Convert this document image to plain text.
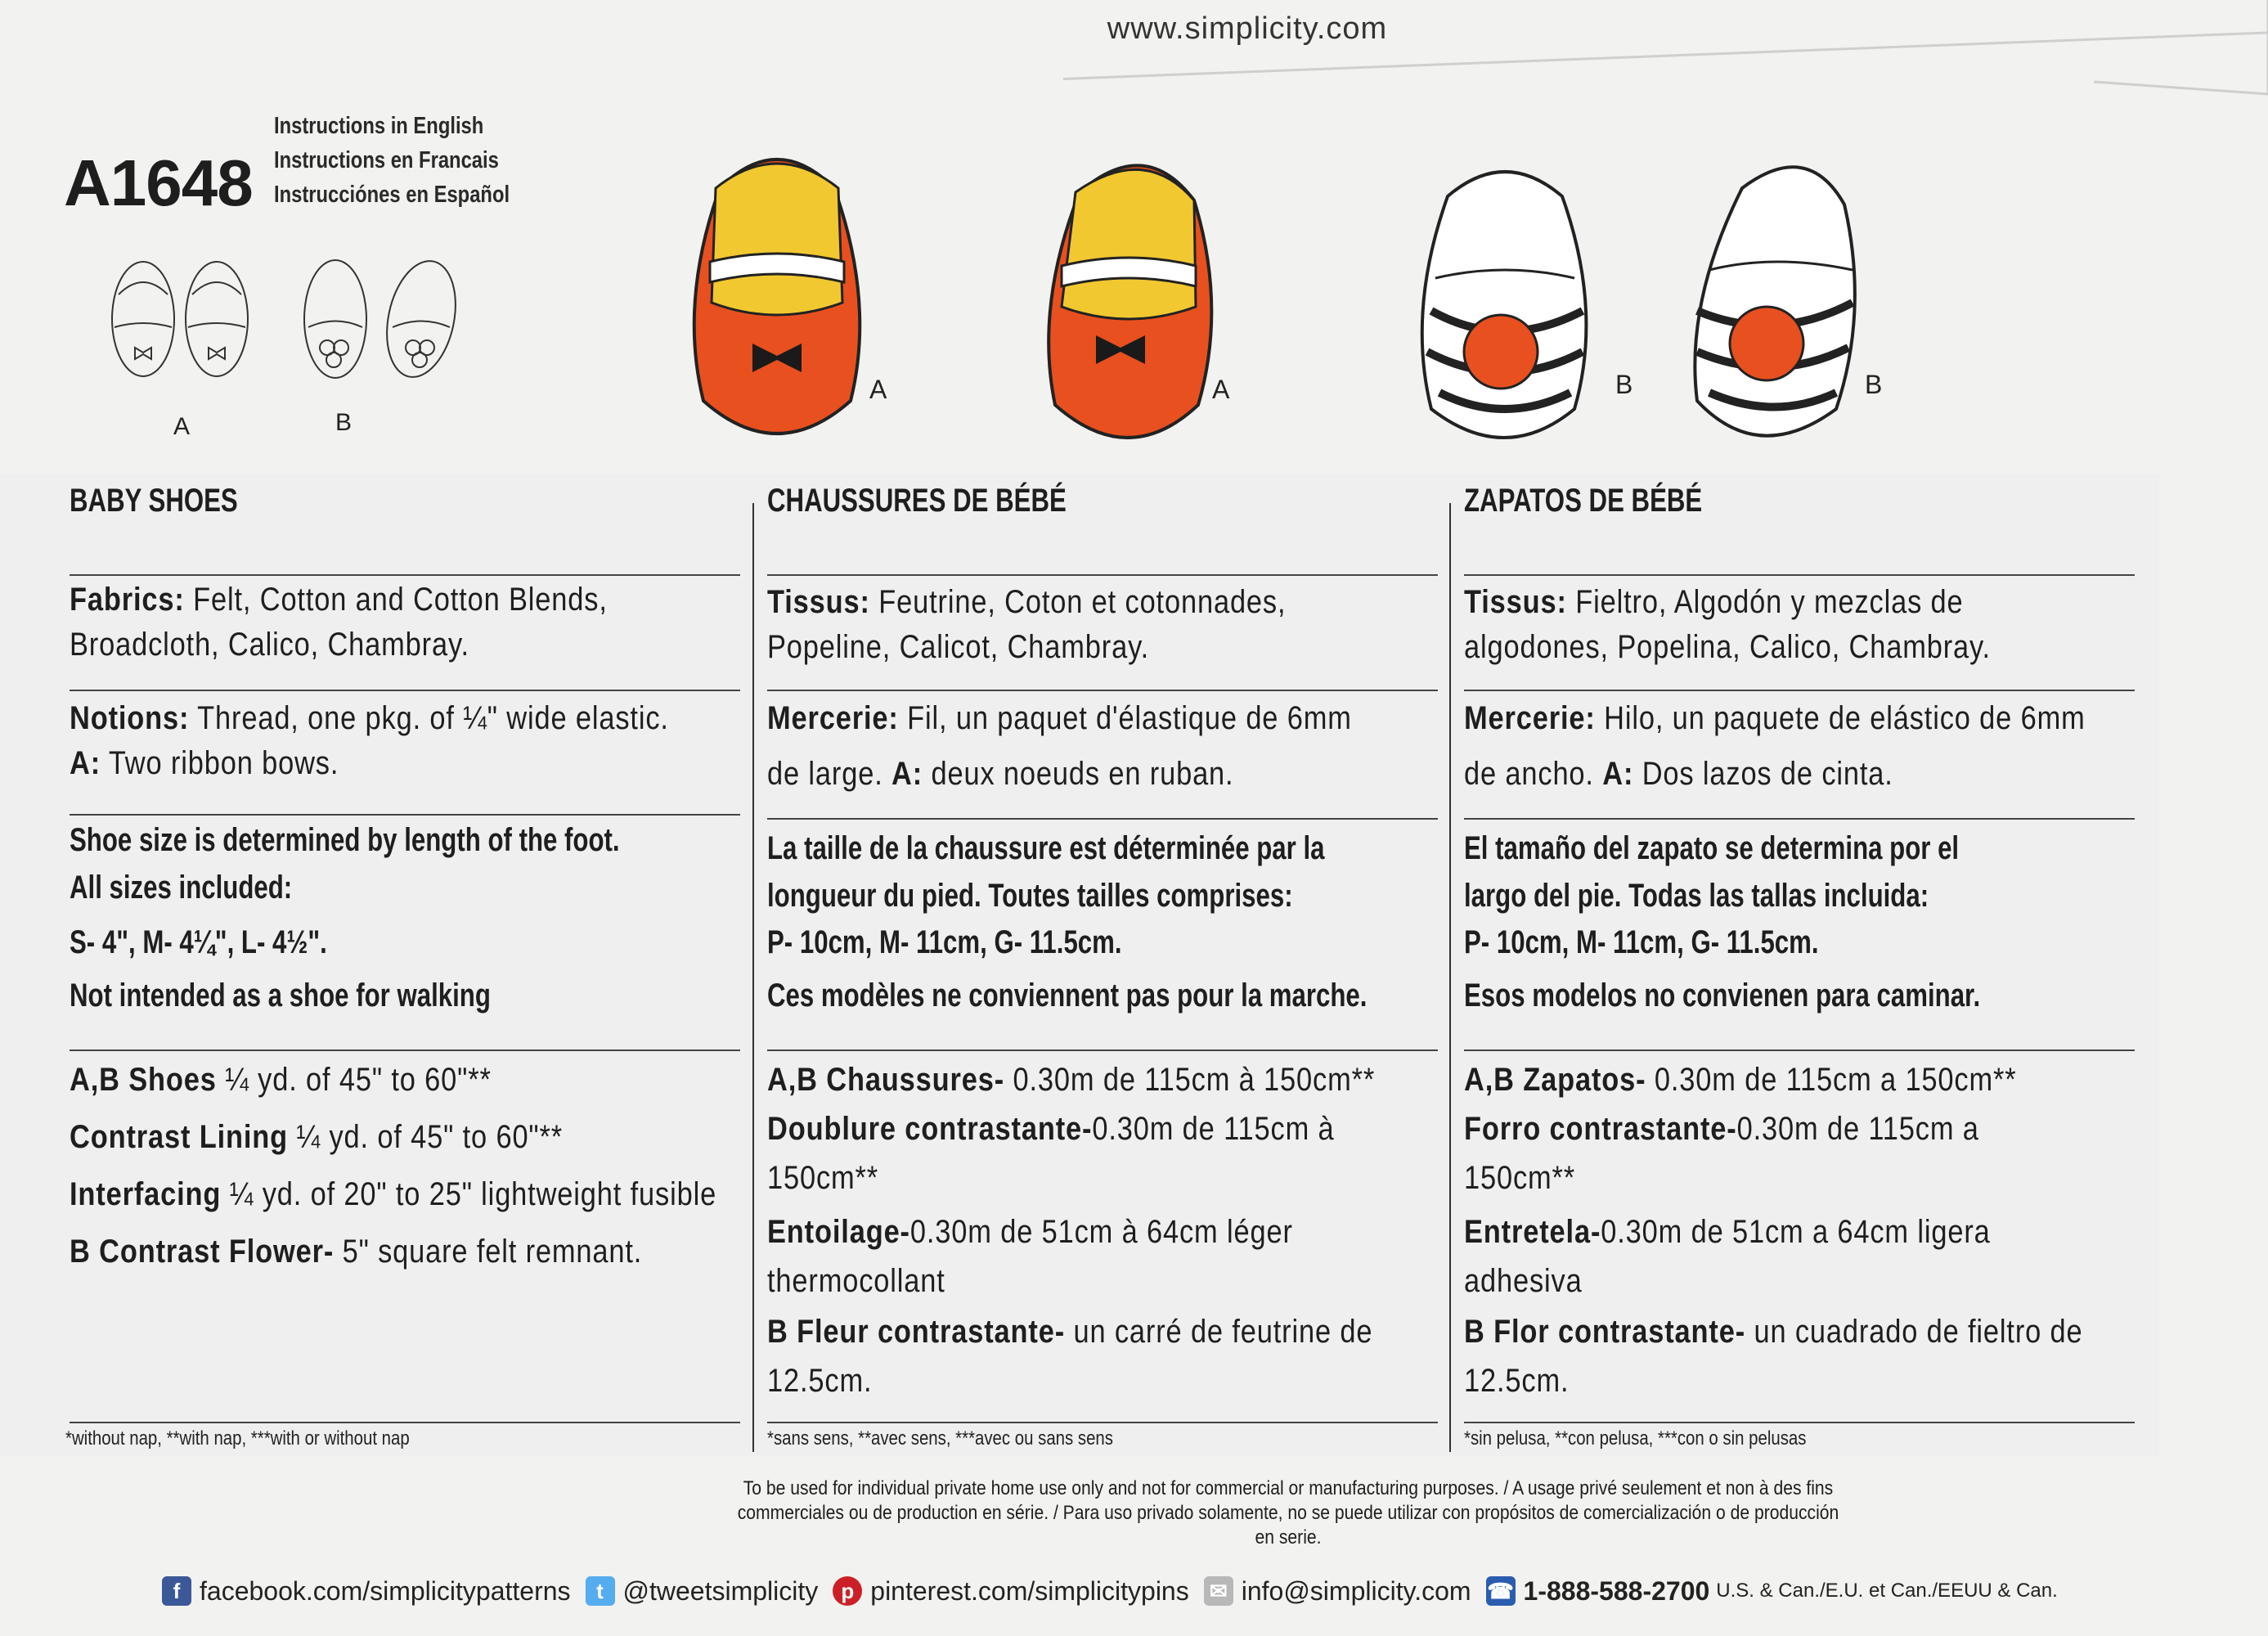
www.simplicity.com
A1648
Instructions in English
Instructions en Francais
Instrucciónes en Español
A	B
A	A	B	B
BABY SHOES
Fabrics: Felt, Cotton and Cotton Blends,
Broadcloth, Calico, Chambray.
Notions: Thread, one pkg. of ¼" wide elastic.
A: Two ribbon bows.
Shoe size is determined by length of the foot.
All sizes included:
S- 4", M- 4¼", L- 4½".
Not intended as a shoe for walking
A,B Shoes ¼ yd. of 45" to 60"**
Contrast Lining ¼ yd. of 45" to 60"**
Interfacing ¼ yd. of 20" to 25" lightweight fusible
B Contrast Flower- 5" square felt remnant.
*without nap, **with nap, ***with or without nap
CHAUSSURES DE BÉBÉ
Tissus: Feutrine, Coton et cotonnades,
Popeline, Calicot, Chambray.
Mercerie: Fil, un paquet d'élastique de 6mm
de large. A: deux noeuds en ruban.
La taille de la chaussure est déterminée par la
longueur du pied. Toutes tailles comprises:
P- 10cm, M- 11cm, G- 11.5cm.
Ces modèles ne conviennent pas pour la marche.
A,B Chaussures- 0.30m de 115cm à 150cm**
Doublure contrastante-0.30m de 115cm à
150cm**
Entoilage-0.30m de 51cm à 64cm léger
thermocollant
B Fleur contrastante- un carré de feutrine de
12.5cm.
*sans sens, **avec sens, ***avec ou sans sens
ZAPATOS DE BÉBÉ
Tissus: Fieltro, Algodón y mezclas de
algodones, Popelina, Calico, Chambray.
Mercerie: Hilo, un paquete de elástico de 6mm
de ancho. A: Dos lazos de cinta.
El tamaño del zapato se determina por el
largo del pie. Todas las tallas incluida:
P- 10cm, M- 11cm, G- 11.5cm.
Esos modelos no convienen para caminar.
A,B Zapatos- 0.30m de 115cm a 150cm**
Forro contrastante-0.30m de 115cm a
150cm**
Entretela-0.30m de 51cm a 64cm ligera
adhesiva
B Flor contrastante- un cuadrado de fieltro de
12.5cm.
*sin pelusa, **con pelusa, ***con o sin pelusas
To be used for individual private home use only and not for commercial or manufacturing purposes. / A usage privé seulement et non à des fins
commerciales ou de production en série. / Para uso privado solamente, no se puede utilizar con propósitos de comercialización o de producción en serie.
f facebook.com/simplicitypatterns	t @tweetsimplicity	p pinterest.com/simplicitypins ✉ info@simplicity.com ☎ 1-888-588-2700 U.S. & Can./E.U. et Can./EEUU & Can.
